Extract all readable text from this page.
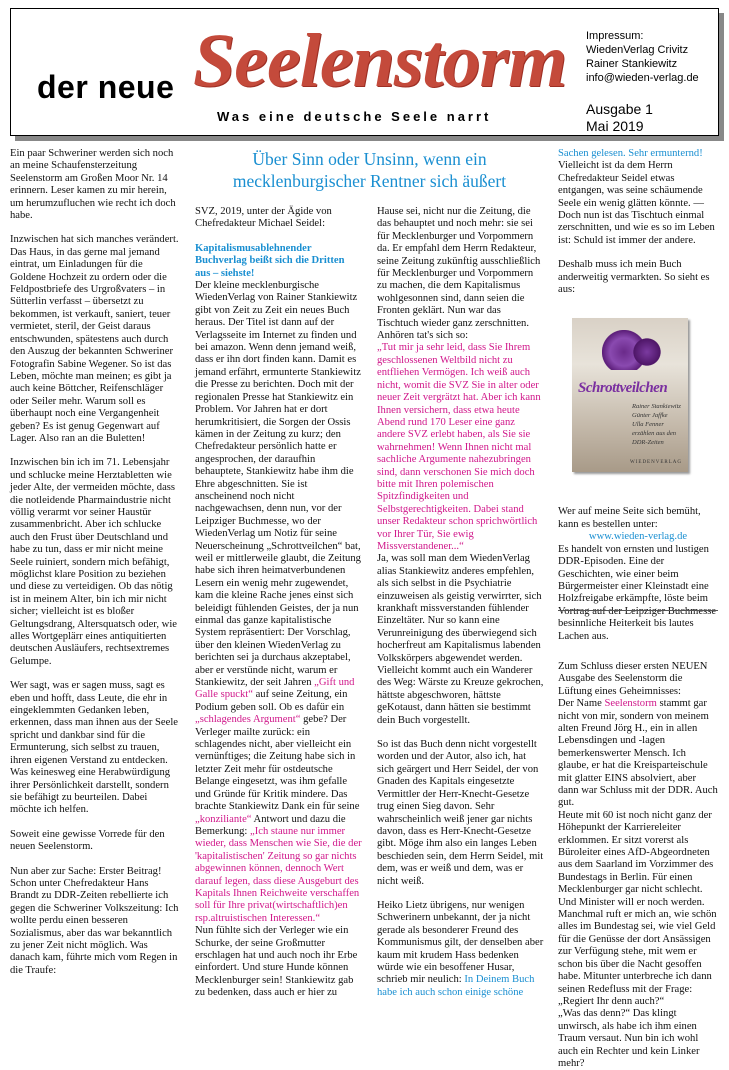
der neue Seelenstorm
Was eine deutsche Seele narrt
Impressum:
WiedenVerlag Crivitz
Rainer Stankiewitz
info@wieden-verlag.de
Ausgabe 1
Mai 2019

Ein paar Schweriner werden sich noch an meine Schaufensterzeitung Seelenstorm am Großen Moor Nr. 14 erinnern. Leser kamen zu mir herein, um herumzufluchen wie recht ich doch habe.

Inzwischen hat sich manches verändert. Das Haus, in das gerne mal jemand eintrat, um Einladungen für die Goldene Hochzeit zu ordern oder die Feldpostbriefe des Urgroßvaters – in Sütterlin verfasst – übersetzt zu bekommen, ist verkauft, saniert, teuer vermietet, steril, der Geist daraus entschwunden, spätestens auch durch den Auszug der bekannten Schweriner Fotografin Sabine Wegener. So ist das Leben, möchte man meinen; es gibt ja auch keine Böttcher, Reifenschläger oder Seiler mehr. Warum soll es überhaupt noch eine Vergangenheit geben? Es ist genug Gegenwart auf Lager. Also ran an die Buletten!

Inzwischen bin ich im 71. Lebensjahr und schlucke meine Herztabletten wie jeder Alte, der vermeiden möchte, dass die notleidende Pharmaindustrie nicht völlig verarmt vor seiner Haustür zusammenbricht. Aber ich schlucke auch den Frust über Deutschland und habe zu tun, dass er mir nicht meine Seele ruiniert, sondern mich befähigt, möglichst klare Position zu beziehen und diese zu verteidigen. Ob das nötig ist in meinem Alter, bin ich mir nicht sicher; vielleicht ist es bloßer Geltungsdrang, Altersquatsch oder, wie alles Wortgeplärr eines antiquitierten deutschen Ausläufers, rechtsextremes Gelumpe.

Wer sagt, was er sagen muss, sagt es eben und hofft, dass Leute, die ehr in eingeklemmten Gedanken leben, erkennen, dass man ihnen aus der Seele spricht und dankbar sind für die Ermunterung, sich selbst zu trauen, ihren eigenen Verstand zu entdecken. Was keinesweg eine Herabwürdigung ihrer Persönlichkeit darstellt, sondern sie befähigt zu beurteilen. Dabei möchte ich helfen.

Soweit eine gewisse Vorrede für den neuen Seelenstorm.

Nun aber zur Sache: Erster Beitrag! Schon unter Chefredakteur Hans Brandt zu DDR-Zeiten rebellierte ich gegen die Schweriner Volkszeitung: Ich wollte perdu einen besseren Sozialismus, aber das war bekanntlich zu jener Zeit nicht möglich. Was danach kam, führte mich vom Regen in die Traufe:

Über Sinn oder Unsinn, wenn ein mecklenburgischer Rentner sich äußert

SVZ, 2019, unter der Ägide von Chefredakteur Michael Seidel:

Kapitalismusablehnender Buchverlag beißt sich die Dritten aus – siehste!
Der kleine mecklenburgische WiedenVerlag von Rainer Stankiewitz gibt von Zeit zu Zeit ein neues Buch heraus. Der Titel ist dann auf der Verlagsseite im Internet zu finden und bei amazon. Wenn denn jemand weiß, dass er ihn dort finden kann. Damit es jemand erfährt, ermunterte Stankiewitz die Presse zu berichten. Doch mit der regionalen Presse hat Stankiewitz ein Problem. Vor Jahren hat er dort herumkritisiert, die Sorgen der Ossis kämen in der Zeitung zu kurz; den Chefredakteur persönlich hatte er angesprochen, der daraufhin behauptete, Stankiewitz habe ihm die Ehre abgeschnitten. Sie ist anscheinend noch nicht nachgewachsen, denn nun, vor der Leipziger Buchmesse, wo der WiedenVerlag um Notiz für seine Neuerscheinung „Schrottveilchen“ bat, weil er mittlerweile glaubt, die Zeitung habe sich ihren heimatverbundenen Lesern ein wenig mehr zugewendet, kam die kleine Rache jenes einst sich beleidigt fühlenden Geistes, der ja nun einmal das ganze kapitalistische System repräsentiert: Der Vorschlag, über den kleinen WiedenVerlag zu berichten sei ja durchaus akzeptabel, aber er verstünde nicht, warum er Stankiewitz, der seit Jahren „Gift und Galle spuckt“ auf seine Zeitung, ein Podium geben soll. Ob es dafür ein „schlagendes Argument“ gebe? Der Verleger mailte zurück: ein schlagendes nicht, aber vielleicht ein vernünftiges; die Zeitung habe sich in letzter Zeit mehr für ostdeutsche Belange eingesetzt, was ihm gefalle und Gründe für Kritik mindere. Das brachte Stankiewitz Dank ein für seine „konziliante“ Antwort und dazu die Bemerkung: „Ich staune nur immer wieder, dass Menschen wie Sie, die der 'kapitalistischen' Zeitung so gar nichts abgewinnen können, dennoch Wert darauf legen, dass diese Ausgeburt des Kapitals Ihnen Reichweite verschaffen soll für Ihre privat(wirtschaftlich)en rsp.altruistischen Interessen.“
Nun fühlte sich der Verleger wie ein Schurke, der seine Großmutter erschlagen hat und auch noch ihr Erbe einfordert. Und sture Hunde können Mecklenburger sein! Stankiewitz gab zu bedenken, dass auch er hier zu
Hause sei, nicht nur die Zeitung, die das behauptet und noch mehr: sie sei für Mecklenburger und Vorpommern da. Er empfahl dem Herrn Redakteur, seine Zeitung zukünftig ausschließlich für Mecklenburger und Vorpommern zu machen, die dem Kapitalismus wohlgesonnen sind, dann seien die Fronten geklärt. Nun war das Tischtuch wieder ganz zerschnitten. Anhören tat's sich so:
„Tut mir ja sehr leid, dass Sie Ihrem geschlossenen Weltbild nicht zu entfliehen Vermögen. Ich weiß auch nicht, womit die SVZ Sie in alter oder neuer Zeit vergrätzt hat. Aber ich kann Ihnen versichern, dass etwa heute Abend rund 170 Leser eine ganz andere SVZ erlebt haben, als Sie sie wahrnehmen! Wenn Ihnen nicht mal sachliche Argumente nahezubringen sind, dann verschonen Sie mich doch bitte mit Ihren polemischen Spitzfindigkeiten und Selbstgerechtigkeiten. Dabei stand unser Redakteur schon sprichwörtlich vor Ihrer Tür, Sie ewig Missverstandener...“

Ja, was soll man dem WiedenVerlag alias Stankiewitz anderes empfehlen, als sich selbst in die Psychiatrie einzuweisen als geistig verwirrter, sich krankhaft missverstanden fühlender Einzeltäter. Nur so kann eine Verunreinigung des überwiegend sich hocherfreut am Kapitalismus labenden Volkskörpers abgewendet werden. Vielleicht kommt auch ein Wanderer des Weg: Wärste zu Kreuze gekrochen, hättste abgeschworen, hättste geKotaust, dann hätten sie bestimmt dein Buch vorgestellt.

So ist das Buch denn nicht vorgestellt worden und der Autor, also ich, hat sich geärgert und Herr Seidel, der von Gnaden des Kapitals eingesetzte Vermittler der Herr-Knecht-Gesetze trug einen Sieg davon. Sehr wahrscheinlich weiß jener gar nichts davon, dass es Herr-Knecht-Gesetze gibt. Möge ihm also ein langes Leben beschieden sein, dem Herrn Seidel, mit dem, was er weiß und dem, was er nicht weiß.

Heiko Lietz übrigens, nur wenigen Schwerinern unbekannt, der ja nicht gerade als besonderer Freund des Kommunismus gilt, der denselben aber kaum mit krudem Hass bedenken würde wie ein besoffener Husar, schrieb mir neulich: In Deinem Buch habe ich auch schon einige schöne
Sachen gelesen. Sehr ermunternd!

Vielleicht ist da dem Herrn Chefredakteur Seidel etwas entgangen, was seine schäumende Seele ein wenig glätten könnte. — Doch nun ist das Tischtuch einmal zerschnitten, und wie es so im Leben ist: Schuld ist immer der andere.

Deshalb muss ich mein Buch anderweitig vermarkten. So sieht es aus:

Wer auf meine Seite sich bemüht, kann es bestellen unter:
www.wieden-verlag.de

Es handelt von ernsten und lustigen DDR-Episoden. Eine der Geschichten, wie einer beim Bürgermeister einer Kleinstadt eine Holzfreigabe erkämpfte, löste beim Vortrag auf der Leipziger Buchmesse besinnliche Heiterkeit bis lautes Lachen aus.

Zum Schluss dieser ersten NEUEN Ausgabe des Seelenstorm die Lüftung eines Geheimnisses:
Der Name Seelenstorm stammt gar nicht von mir, sondern von meinem alten Freund Jörg H., ein in allen Lebensdingen und -lagen bemerkenswerter Mensch. Ich glaube, er hat die Kreisparteischule mit glatter EINS absolviert, aber dann war Schluss mit der DDR. Auch gut.
Heute mit 60 ist noch nicht ganz der Höhepunkt der Karriereleiter erklommen. Er sitzt vorerst als Büroleiter eines AfD-Abgeordneten aus dem Saarland im Vorzimmer des Bundestags in Berlin. Für einen Mecklenburger gar nicht schlecht. Und Minister will er noch werden. Manchmal ruft er mich an, wie schön alles im Bundestag sei, wie viel Geld für die Genüsse der dort Ansässigen zur Verfügung stehe, mit wem er schon bis über die Nacht gesoffen habe. Mitunter unterbreche ich dann seinen Redefluss mit der Frage: „Regiert Ihr denn auch?“
„Was das denn?“ Das klingt unwirsch, als habe ich ihm einen Traum versaut. Nun bin ich wohl auch ein Rechter und kein Linker mehr?
Schrottveilchen
Rainer Stankiewitz
Günter Jaffke
Ulla Fenner
erzählen aus den
DDR-Zeiten
WIEDENVERLAG
